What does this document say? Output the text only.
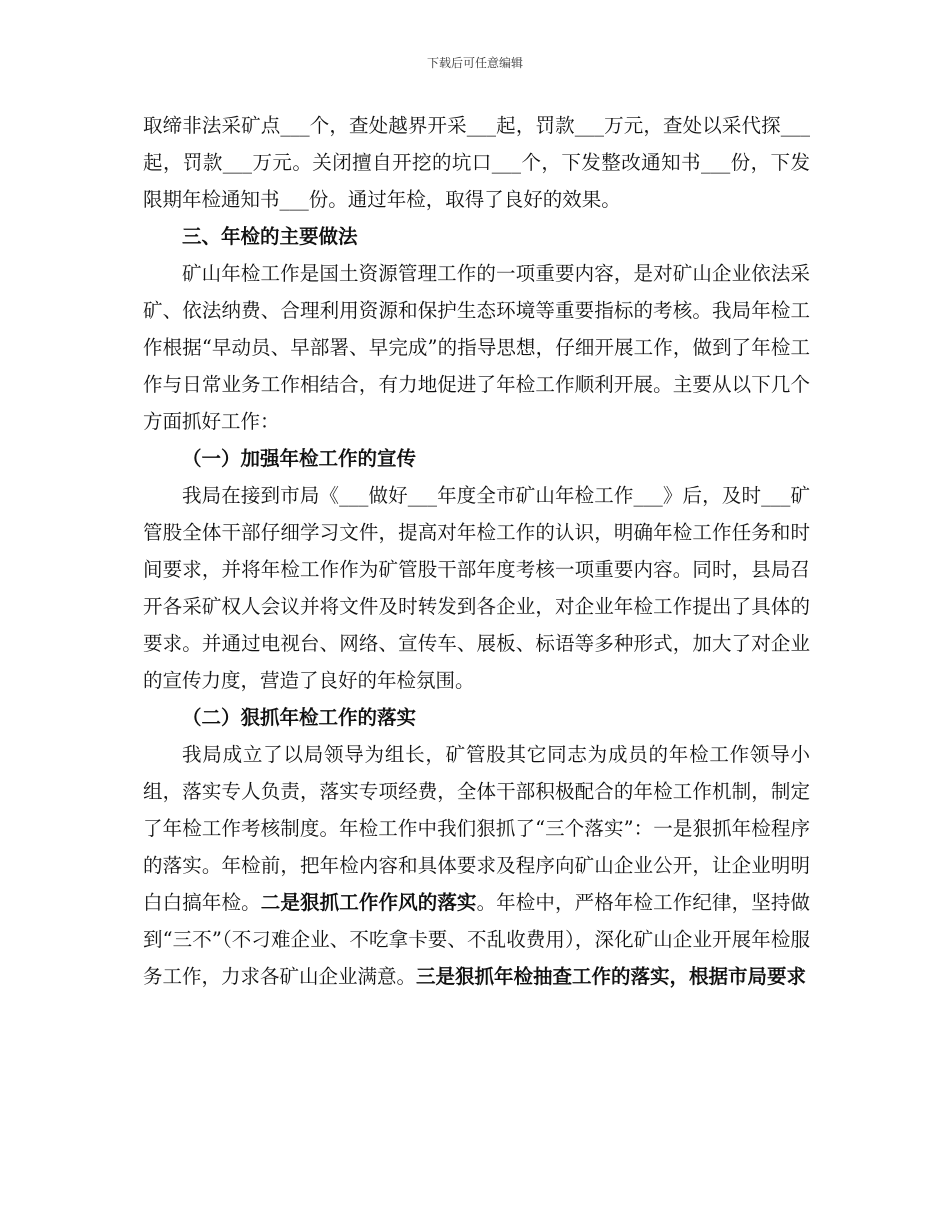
下载后可任意编辑

取缔非法采矿点___个，查处越界开采___起，罚款___万元，查处以采代探___起，罚款___万元。关闭擅自开挖的坑口___个，下发整改通知书___份，下发限期年检通知书___份。通过年检，取得了良好的效果。

三、年检的主要做法

矿山年检工作是国土资源管理工作的一项重要内容，是对矿山企业依法采矿、依法纳费、合理利用资源和保护生态环境等重要指标的考核。我局年检工作根据“早动员、早部署、早完成”的指导思想，仔细开展工作，做到了年检工作与日常业务工作相结合，有力地促进了年检工作顺利开展。主要从以下几个方面抓好工作：

（一）加强年检工作的宣传

我局在接到市局《___做好___年度全市矿山年检工作___》后，及时___矿管股全体干部仔细学习文件，提高对年检工作的认识，明确年检工作任务和时间要求，并将年检工作作为矿管股干部年度考核一项重要内容。同时，县局召开各采矿权人会议并将文件及时转发到各企业，对企业年检工作提出了具体的要求。并通过电视台、网络、宣传车、展板、标语等多种形式，加大了对企业的宣传力度，营造了良好的年检氛围。

（二）狠抓年检工作的落实

我局成立了以局领导为组长，矿管股其它同志为成员的年检工作领导小组，落实专人负责，落实专项经费，全体干部积极配合的年检工作机制，制定了年检工作考核制度。年检工作中我们狠抓了“三个落实”：一是狠抓年检程序的落实。年检前，把年检内容和具体要求及程序向矿山企业公开，让企业明明白白搞年检。二是狠抓工作作风的落实。年检中，严格年检工作纪律，坚持做到“三不”（不刁难企业、不吃拿卡要、不乱收费用），深化矿山企业开展年检服务工作，力求各矿山企业满意。三是狠抓年检抽查工作的落实，根据市局要求
